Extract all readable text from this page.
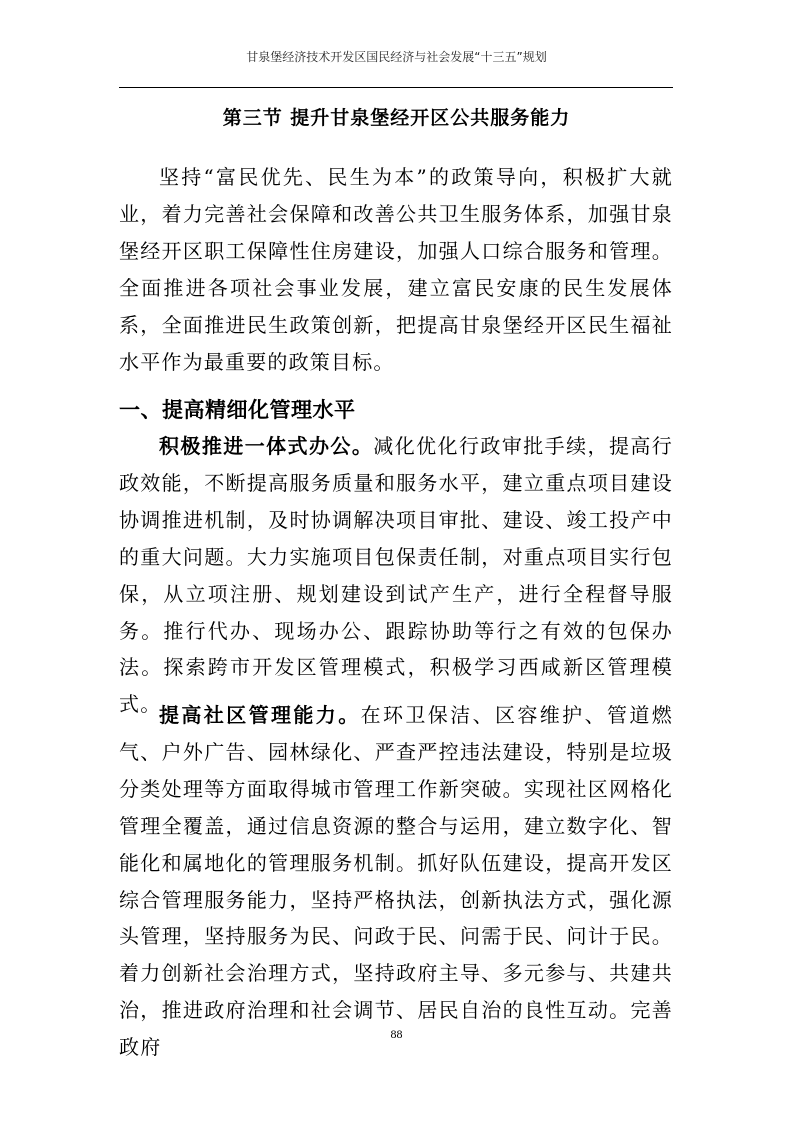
甘泉堡经济技术开发区国民经济与社会发展“十三五”规划
第三节 提升甘泉堡经开区公共服务能力
坚持“富民优先、民生为本”的政策导向，积极扩大就业，着力完善社会保障和改善公共卫生服务体系，加强甘泉堡经开区职工保障性住房建设，加强人口综合服务和管理。全面推进各项社会事业发展，建立富民安康的民生发展体系，全面推进民生政策创新，把提高甘泉堡经开区民生福祉水平作为最重要的政策目标。
一、提高精细化管理水平
积极推进一体式办公。减化优化行政审批手续，提高行政效能，不断提高服务质量和服务水平，建立重点项目建设协调推进机制，及时协调解决项目审批、建设、竣工投产中的重大问题。大力实施项目包保责任制，对重点项目实行包保，从立项注册、规划建设到试产生产，进行全程督导服务。推行代办、现场办公、跟踪协助等行之有效的包保办法。探索跨市开发区管理模式，积极学习西咸新区管理模式。
提高社区管理能力。在环卫保洁、区容维护、管道燃气、户外广告、园林绿化、严查严控违法建设，特别是垃圾分类处理等方面取得城市管理工作新突破。实现社区网格化管理全覆盖，通过信息资源的整合与运用，建立数字化、智能化和属地化的管理服务机制。抓好队伍建设，提高开发区综合管理服务能力，坚持严格执法，创新执法方式，强化源头管理，坚持服务为民、问政于民、问需于民、问计于民。着力创新社会治理方式，坚持政府主导、多元参与、共建共治，推进政府治理和社会调节、居民自治的良性互动。完善政府
88
